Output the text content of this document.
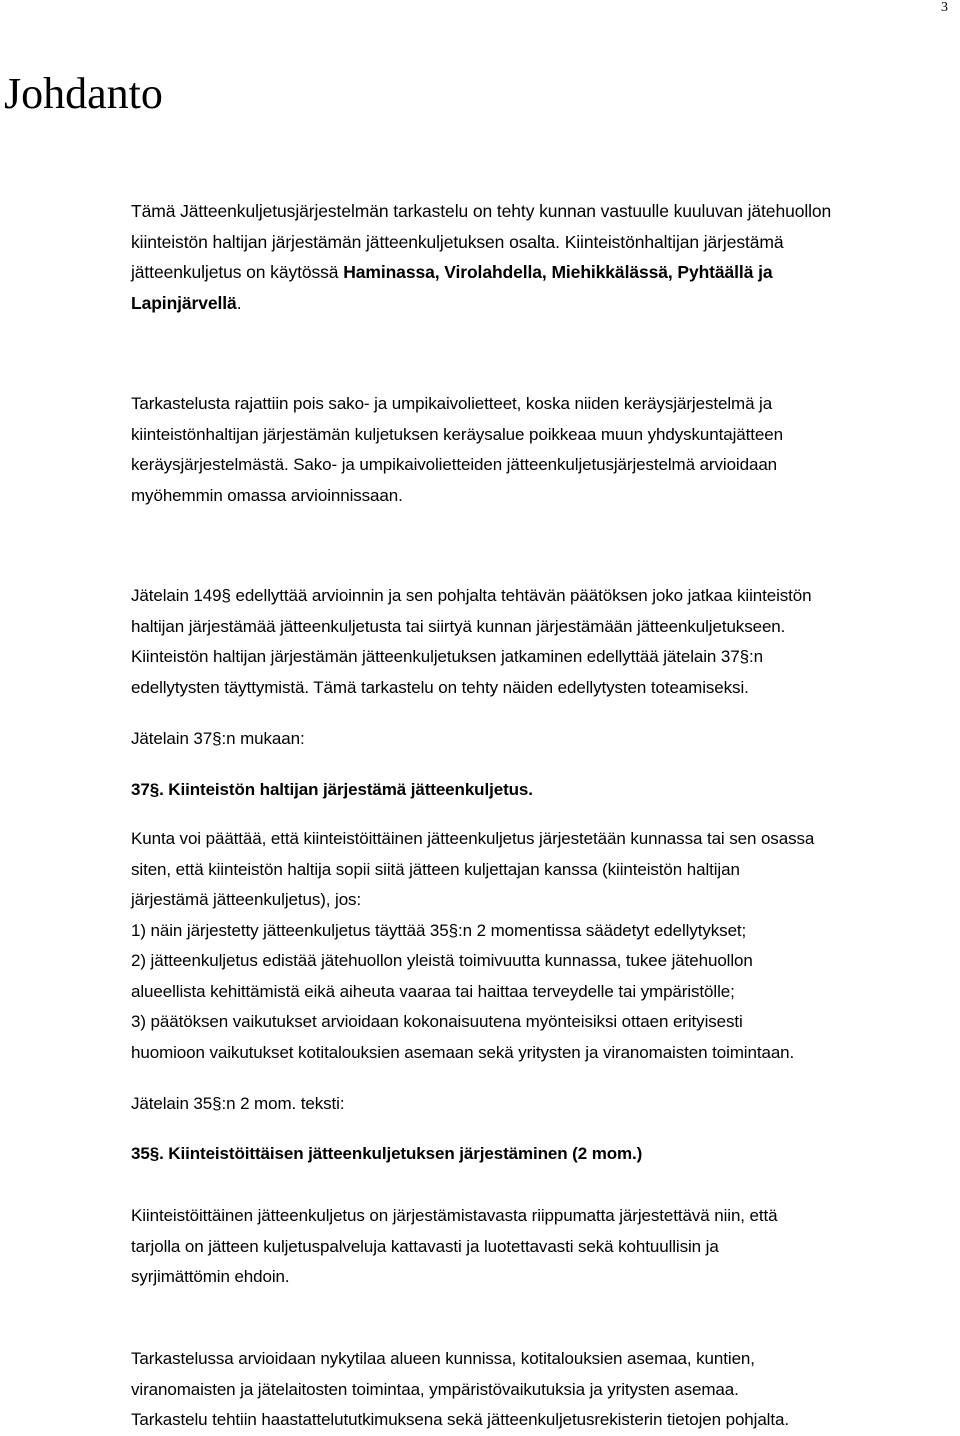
3
Johdanto

Tämä Jätteenkuljetusjärjestelmän tarkastelu on tehty kunnan vastuulle kuuluvan jätehuollon
kiinteistön haltijan järjestämän jätteenkuljetuksen osalta. Kiinteistönhaltijan järjestämä
jätteenkuljetus on käytössä Haminassa, Virolahdella, Miehikkälässä, Pyhtäällä ja
Lapinjärvellä.

Tarkastelusta rajattiin pois sako- ja umpikaivolietteet, koska niiden keräysjärjestelmä ja
kiinteistönhaltijan järjestämän kuljetuksen keräysalue poikkeaa muun yhdyskuntajätteen
keräysjärjestelmästä. Sako- ja umpikaivolietteiden jätteenkuljetusjärjestelmä arvioidaan
myöhemmin omassa arvioinnissaan.

Jätelain 149§ edellyttää arvioinnin ja sen pohjalta tehtävän päätöksen joko jatkaa kiinteistön
haltijan järjestämää jätteenkuljetusta tai siirtyä kunnan järjestämään jätteenkuljetukseen.
Kiinteistön haltijan järjestämän jätteenkuljetuksen jatkaminen edellyttää jätelain 37§:n
edellytysten täyttymistä. Tämä tarkastelu on tehty näiden edellytysten toteamiseksi.

Jätelain 37§:n mukaan:

37§. Kiinteistön haltijan järjestämä jätteenkuljetus.

Kunta voi päättää, että kiinteistöittäinen jätteenkuljetus järjestetään kunnassa tai sen osassa
siten, että kiinteistön haltija sopii siitä jätteen kuljettajan kanssa (kiinteistön haltijan
järjestämä jätteenkuljetus), jos:
1) näin järjestetty jätteenkuljetus täyttää 35§:n 2 momentissa säädetyt edellytykset;
2) jätteenkuljetus edistää jätehuollon yleistä toimivuutta kunnassa, tukee jätehuollon
alueellista kehittämistä eikä aiheuta vaaraa tai haittaa terveydelle tai ympäristölle;
3) päätöksen vaikutukset arvioidaan kokonaisuutena myönteisiksi ottaen erityisesti
huomioon vaikutukset kotitalouksien asemaan sekä yritysten ja viranomaisten toimintaan.

Jätelain 35§:n 2 mom. teksti:

35§. Kiinteistöittäisen jätteenkuljetuksen järjestäminen (2 mom.)

Kiinteistöittäinen jätteenkuljetus on järjestämistavasta riippumatta järjestettävä niin, että
tarjolla on jätteen kuljetuspalveluja kattavasti ja luotettavasti sekä kohtuullisin ja
syrjimättömin ehdoin.

Tarkastelussa arvioidaan nykytilaa alueen kunnissa, kotitalouksien asemaa, kuntien,
viranomaisten ja jätelaitosten toimintaa, ympäristövaikutuksia ja yritysten asemaa.
Tarkastelu tehtiin haastattelututkimuksena sekä jätteenkuljetusrekisterin tietojen pohjalta.
